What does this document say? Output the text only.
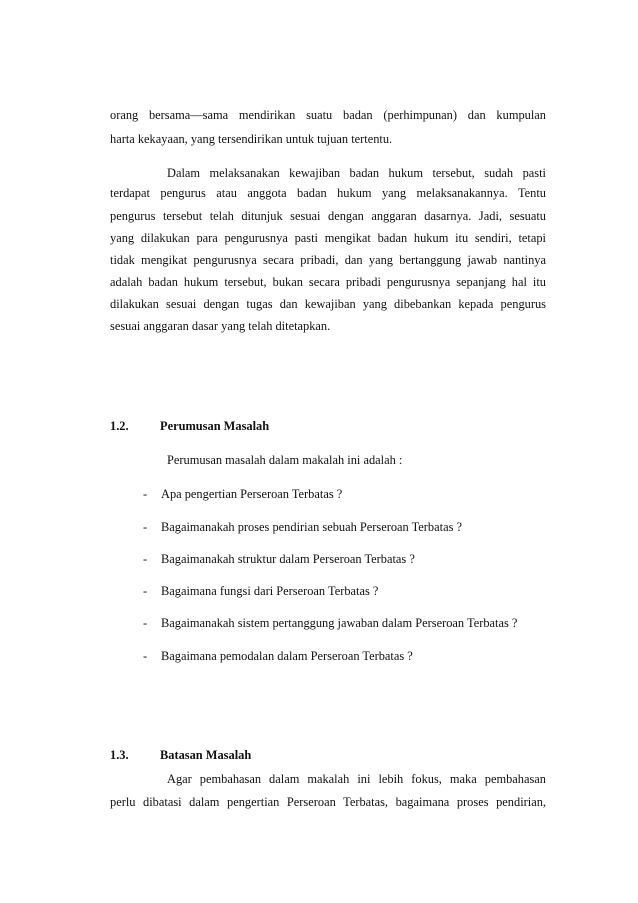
orang bersama—sama mendirikan suatu badan (perhimpunan) dan kumpulan
harta kekayaan, yang tersendirikan untuk tujuan tertentu.
Dalam melaksanakan kewajiban badan hukum tersebut, sudah pasti
terdapat pengurus atau anggota badan hukum yang melaksanakannya. Tentu
pengurus tersebut telah ditunjuk sesuai dengan anggaran dasarnya. Jadi, sesuatu
yang dilakukan para pengurusnya pasti mengikat badan hukum itu sendiri, tetapi
tidak mengikat pengurusnya secara pribadi, dan yang bertanggung jawab nantinya
adalah badan hukum tersebut, bukan secara pribadi pengurusnya sepanjang hal itu
dilakukan sesuai dengan tugas dan kewajiban yang dibebankan kepada pengurus
sesuai anggaran dasar yang telah ditetapkan.
1.2.	Perumusan Masalah
Perumusan masalah dalam makalah ini adalah :
- Apa pengertian Perseroan Terbatas ?
- Bagaimanakah proses pendirian sebuah Perseroan Terbatas ?
- Bagaimanakah struktur dalam Perseroan Terbatas ?
- Bagaimana fungsi dari Perseroan Terbatas ?
- Bagaimanakah sistem pertanggung jawaban dalam Perseroan Terbatas ?
- Bagaimana pemodalan dalam Perseroan Terbatas ?
1.3.	Batasan Masalah
Agar pembahasan dalam makalah ini lebih fokus, maka pembahasan
perlu dibatasi dalam pengertian Perseroan Terbatas, bagaimana proses pendirian,
